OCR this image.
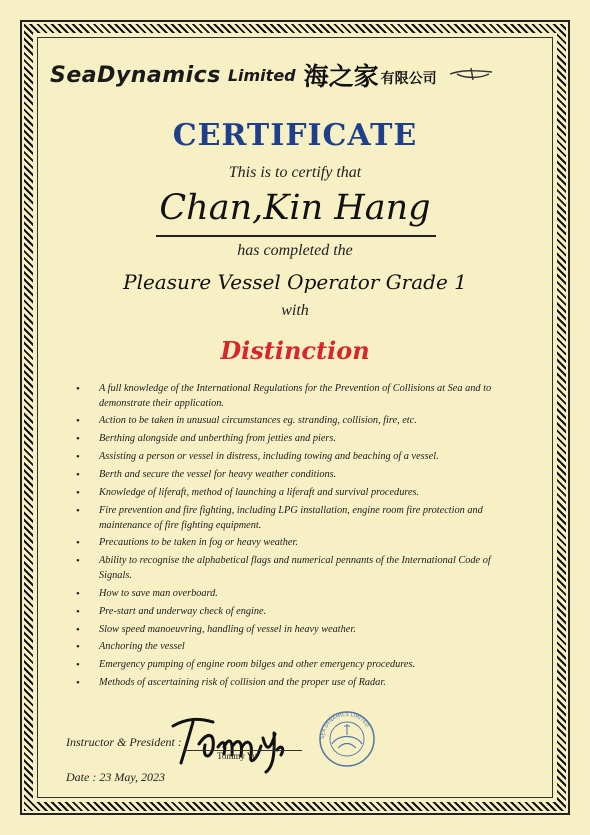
SeaDynamics Limited 海之家 有限公司
CERTIFICATE
This is to certify that
Chan,Kin Hang
has completed the
Pleasure Vessel Operator Grade 1
with
Distinction
• A full knowledge of the International Regulations for the Prevention of Collisions at Sea and to demonstrate their application.
• Action to be taken in unusual circumstances eg. stranding, collision, fire, etc.
• Berthing alongside and unberthing from jetties and piers.
• Assisting a person or vessel in distress, including towing and beaching of a vessel.
• Berth and secure the vessel for heavy weather conditions.
• Knowledge of liferaft, method of launching a liferaft and survival procedures.
• Fire prevention and fire fighting, including LPG installation, engine room fire protection and maintenance of fire fighting equipment.
• Precautions to be taken in fog or heavy weather.
• Ability to recognise the alphabetical flags and numerical pennants of the International Code of Signals.
• How to save man overboard.
• Pre-start and underway check of engine.
• Slow speed manoeuvring, handling of vessel in heavy weather.
• Anchoring the vessel
• Emergency pumping of engine room bilges and other emergency procedures.
• Methods of ascertaining risk of collision and the proper use of Radar.
Instructor & President :
Tommy Yu
SEA DYNAMICS LIMITED
Date : 23 May, 2023
